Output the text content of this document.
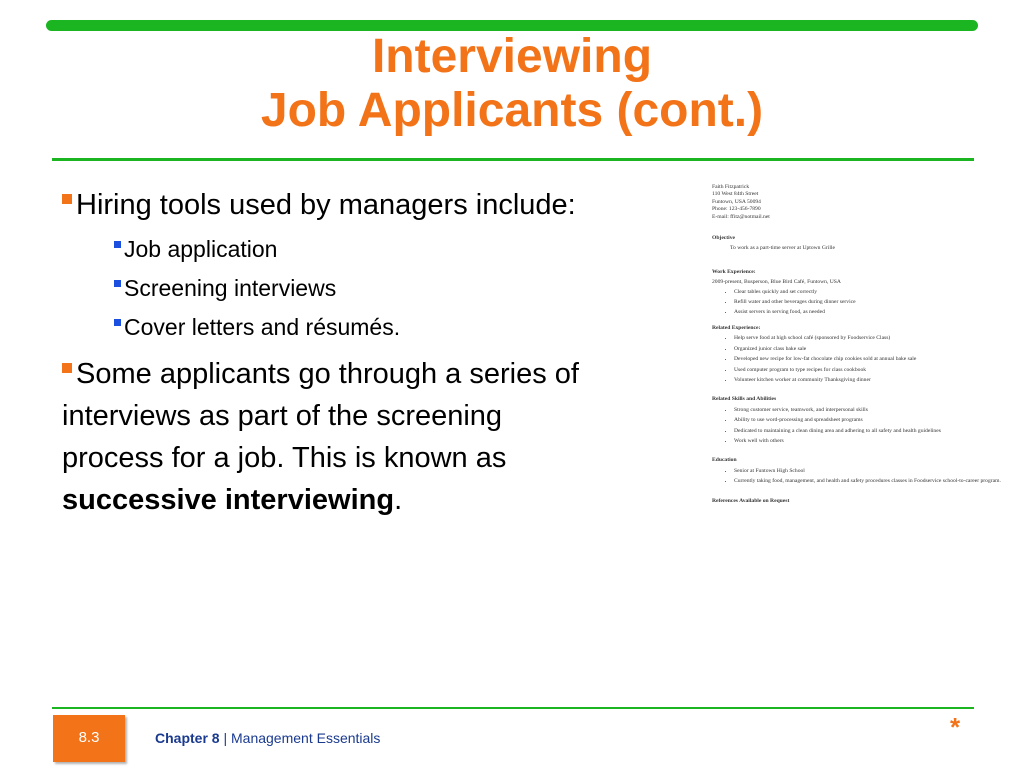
Interviewing
Job Applicants (cont.)
Hiring tools used by managers include:
Job application
Screening interviews
Cover letters and résumés.
Some applicants go through a series of interviews as part of the screening process for a job. This is known as successive interviewing.
Faith Fitzpatrick
110 West 84th Street
Funtown, USA 50094
Phone: 123-456-7890
E-mail: ffitz@notmail.net
Objective
To work as a part-time server at Uptown Grille
Work Experience:
2009-present, Busperson, Blue Bird Café, Funtown, USA
• Clear tables quickly and set correctly
• Refill water and other beverages during dinner service
• Assist servers in serving food, as needed
Related Experience:
• Help serve food at high school café (sponsored by Foodservice Class)
• Organized junior class bake sale
• Developed new recipe for low-fat chocolate chip cookies sold at annual bake sale
• Used computer program to type recipes for class cookbook
• Volunteer kitchen worker at community Thanksgiving dinner
Related Skills and Abilities
• Strong customer service, teamwork, and interpersonal skills
• Ability to use word-processing and spreadsheet programs
• Dedicated to maintaining a clean dining area and adhering to all safety and health guidelines
• Work well with others
Education
• Senior at Funtown High School
• Currently taking food, management, and health and safety procedures classes in Foodservice school-to-career program.
References Available on Request
8.3	Chapter 8 | Management Essentials	*
